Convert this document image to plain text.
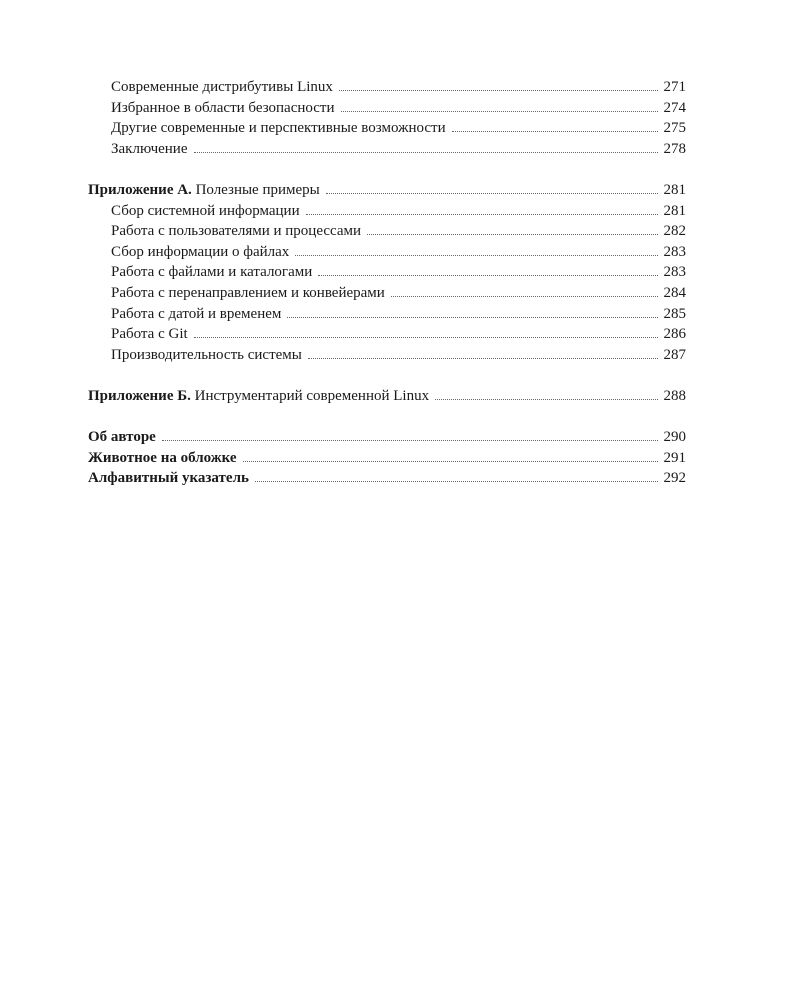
Современные дистрибутивы Linux	271
Избранное в области безопасности	274
Другие современные и перспективные возможности	275
Заключение	278
Приложение А. Полезные примеры	281
Сбор системной информации	281
Работа с пользователями и процессами	282
Сбор информации о файлах	283
Работа с файлами и каталогами	283
Работа с перенаправлением и конвейерами	284
Работа с датой и временем	285
Работа с Git	286
Производительность системы	287
Приложение Б. Инструментарий современной Linux	288
Об авторе	290
Животное на обложке	291
Алфавитный указатель	292
